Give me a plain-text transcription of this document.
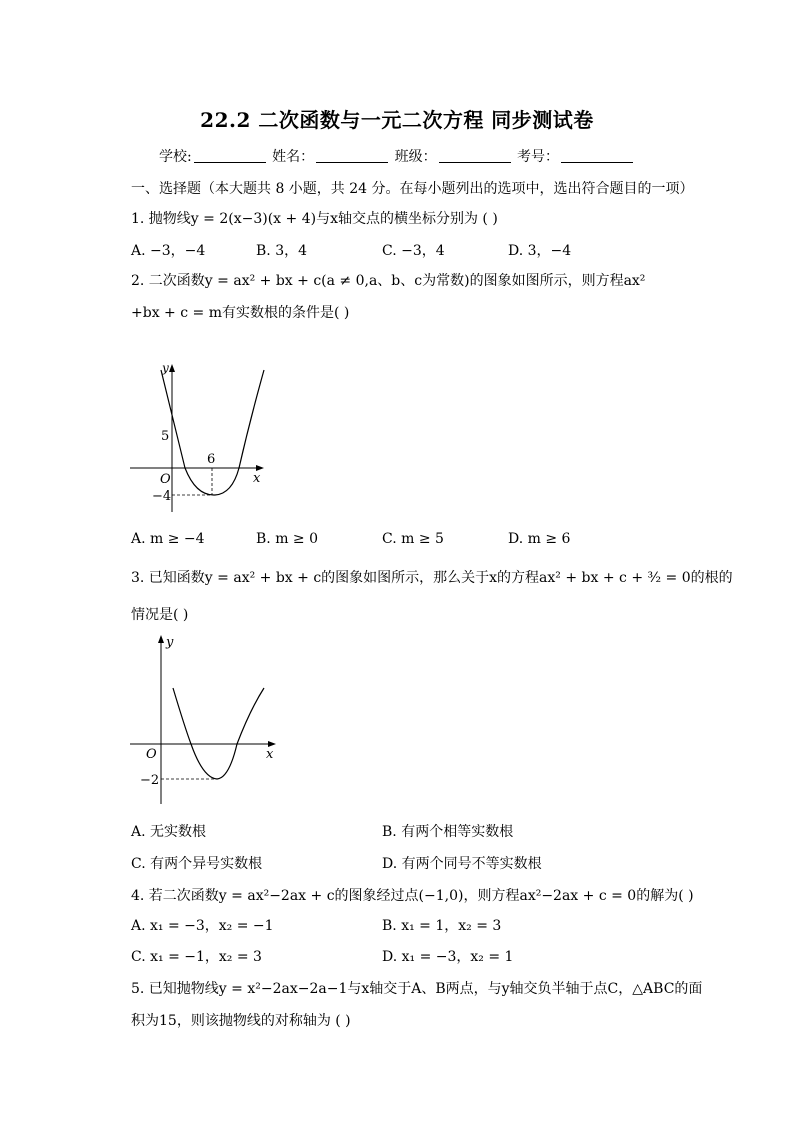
22.2 二次函数与一元二次方程 同步测试卷
学校:	姓名：	班级：	考号：
一、选择题（本大题共 8 小题，共 24 分。在每小题列出的选项中，选出符合题目的一项）
1. 抛物线y = 2(x−3)(x + 4)与x轴交点的横坐标分别为 ( )
A. −3，−4	B. 3，4	C. −3，4	D. 3，−4
2. 二次函数y = ax² + bx + c(a ≠ 0,a、b、c为常数)的图象如图所示，则方程ax²
+bx + c = m有实数根的条件是( )
y
x
O
5
6
−4
A. m ≥ −4	B. m ≥ 0	C. m ≥ 5	D. m ≥ 6
3. 已知函数y = ax² + bx + c的图象如图所示，那么关于x的方程ax² + bx + c + ³⁄₂ = 0的根的
情况是( )
y
x
O
−2
A. 无实数根	B. 有两个相等实数根
C. 有两个异号实数根	D. 有两个同号不等实数根
4. 若二次函数y = ax²−2ax + c的图象经过点(−1,0)，则方程ax²−2ax + c = 0的解为( )
A. x₁ = −3，x₂ = −1	B. x₁ = 1，x₂ = 3
C. x₁ = −1，x₂ = 3	D. x₁ = −3，x₂ = 1
5. 已知抛物线y = x²−2ax−2a−1与x轴交于A、B两点，与y轴交负半轴于点C，△ABC的面
积为15，则该抛物线的对称轴为 ( )
